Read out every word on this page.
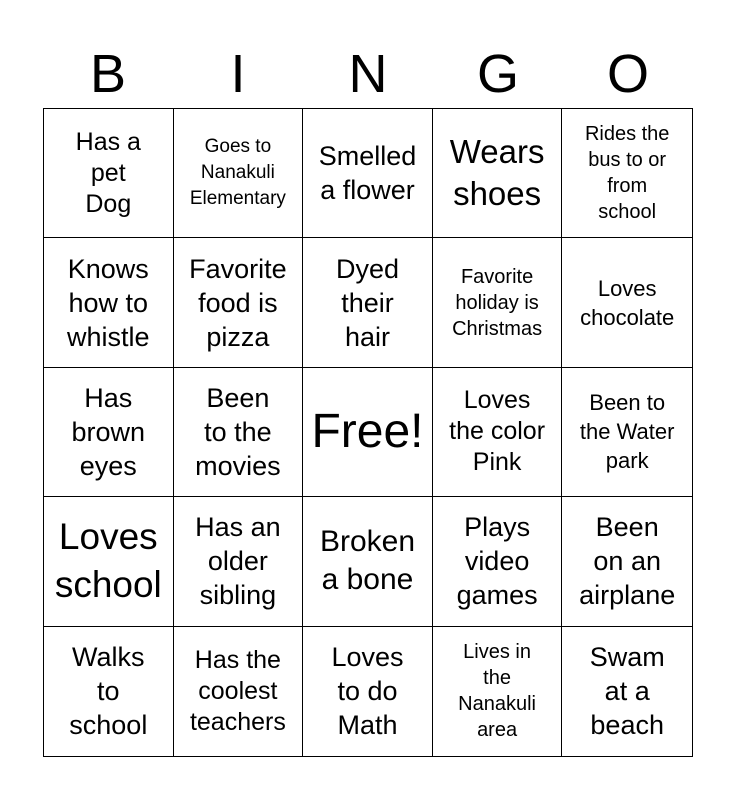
B	I	N	G	O
Has a
pet
Dog
Goes to
Nanakuli
Elementary
Smelled
a flower
Wears
shoes
Rides the
bus to or
from
school
Knows
how to
whistle
Favorite
food is
pizza
Dyed
their
hair
Favorite
holiday is
Christmas
Loves
chocolate
Has
brown
eyes
Been
to the
movies
Free!
Loves
the color
Pink
Been to
the Water
park
Loves
school
Has an
older
sibling
Broken
a bone
Plays
video
games
Been
on an
airplane
Walks
to
school
Has the
coolest
teachers
Loves
to do
Math
Lives in
the
Nanakuli
area
Swam
at a
beach
